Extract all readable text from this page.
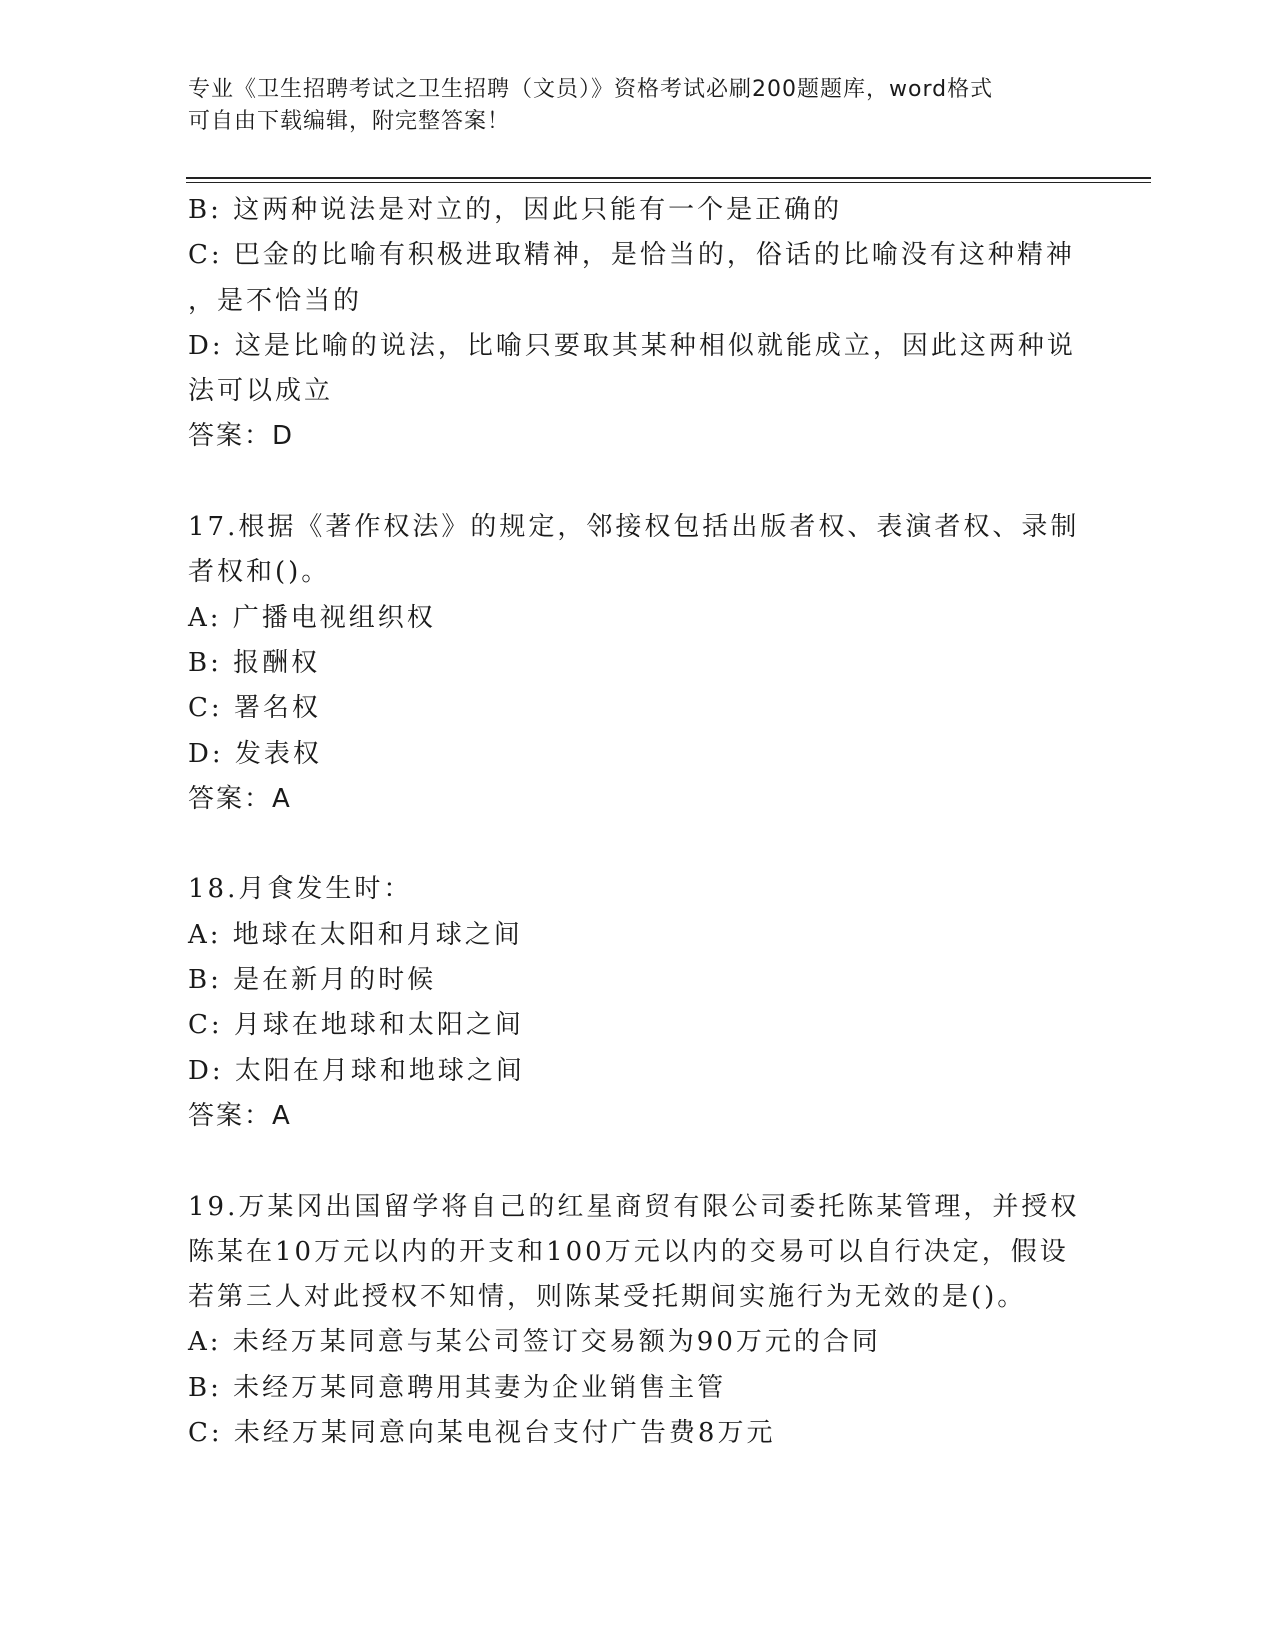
专业《卫生招聘考试之卫生招聘（文员）》资格考试必刷200题题库，word格式
可自由下载编辑，附完整答案！
B: 这两种说法是对立的，因此只能有一个是正确的
C: 巴金的比喻有积极进取精神，是恰当的，俗话的比喻没有这种精神
，是不恰当的
D: 这是比喻的说法，比喻只要取其某种相似就能成立，因此这两种说
法可以成立
答案：D
17.根据《著作权法》的规定，邻接权包括出版者权、表演者权、录制
者权和()。
A: 广播电视组织权
B: 报酬权
C: 署名权
D: 发表权
答案：A
18.月食发生时：
A: 地球在太阳和月球之间
B: 是在新月的时候
C: 月球在地球和太阳之间
D: 太阳在月球和地球之间
答案：A
19.万某冈出国留学将自己的红星商贸有限公司委托陈某管理，并授权
陈某在10万元以内的开支和100万元以内的交易可以自行决定，假设
若第三人对此授权不知情，则陈某受托期间实施行为无效的是()。
A: 未经万某同意与某公司签订交易额为90万元的合同
B: 未经万某同意聘用其妻为企业销售主管
C: 未经万某同意向某电视台支付广告费8万元
